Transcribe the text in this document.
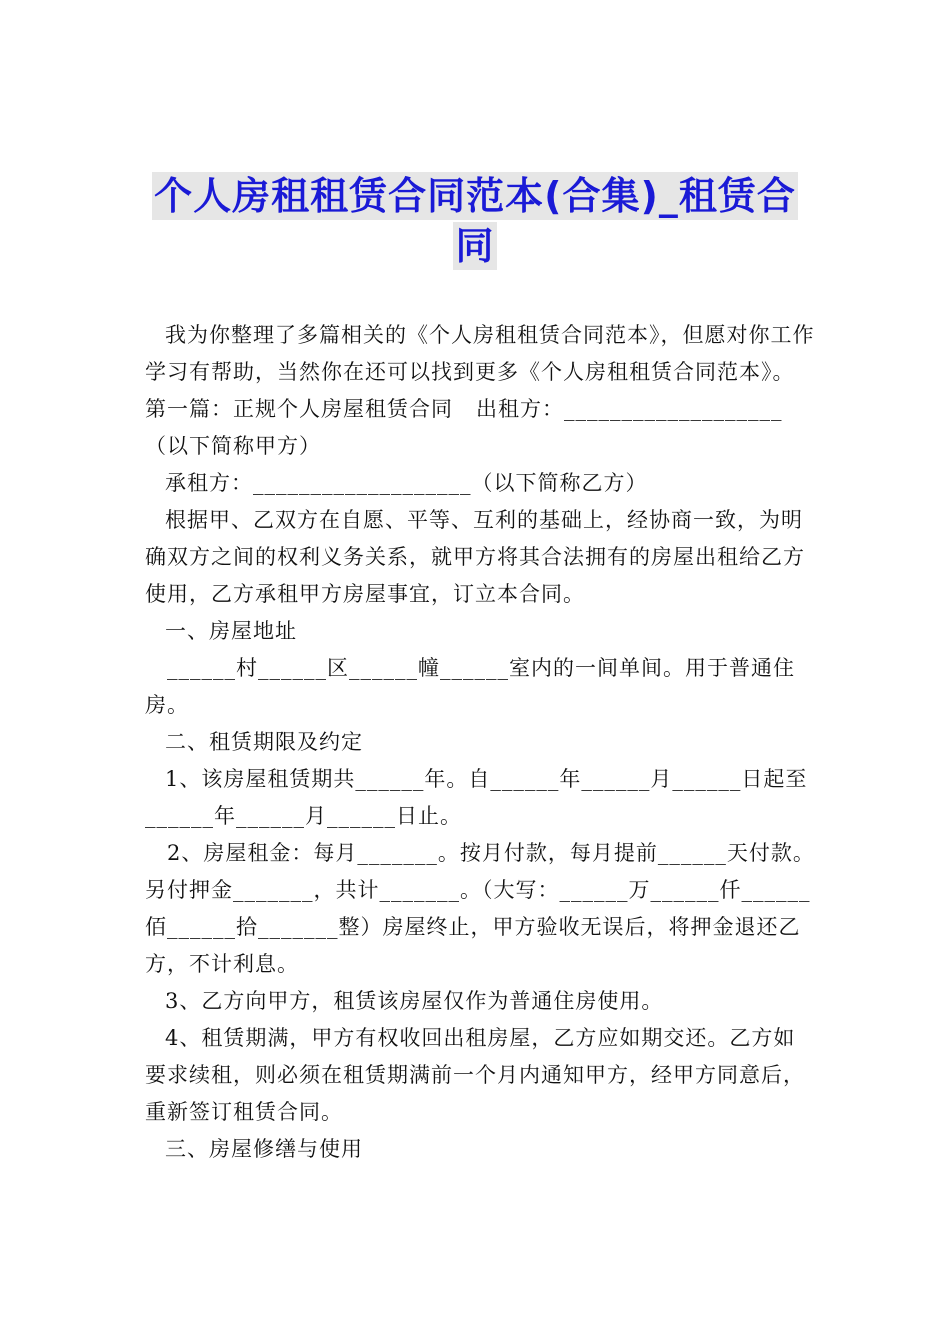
个人房租租赁合同范本(合集)_租赁合
同

我为你整理了多篇相关的《个人房租租赁合同范本》，但愿对你工作学习有帮助，当然你在还可以找到更多《个人房租租赁合同范本》。

第一篇：正规个人房屋租赁合同   出租方：___________________（以下简称甲方）

承租方：___________________（以下简称乙方）

根据甲、乙双方在自愿、平等、互利的基础上，经协商一致，为明确双方之间的权利义务关系，就甲方将其合法拥有的房屋出租给乙方使用，乙方承租甲方房屋事宜，订立本合同。

一、房屋地址

______村______区______幢______室内的一间单间。用于普通住房。

二、租赁期限及约定

1、该房屋租赁期共______年。自______年______月______日起至______年______月______日止。

2、房屋租金：每月_______。按月付款，每月提前______天付款。另付押金_______，共计_______。（大写：______万______仟______佰______拾_______整）房屋终止，甲方验收无误后，将押金退还乙方，不计利息。

3、乙方向甲方，租赁该房屋仅作为普通住房使用。

4、租赁期满，甲方有权收回出租房屋，乙方应如期交还。乙方如要求续租，则必须在租赁期满前一个月内通知甲方，经甲方同意后，重新签订租赁合同。

三、房屋修缮与使用
